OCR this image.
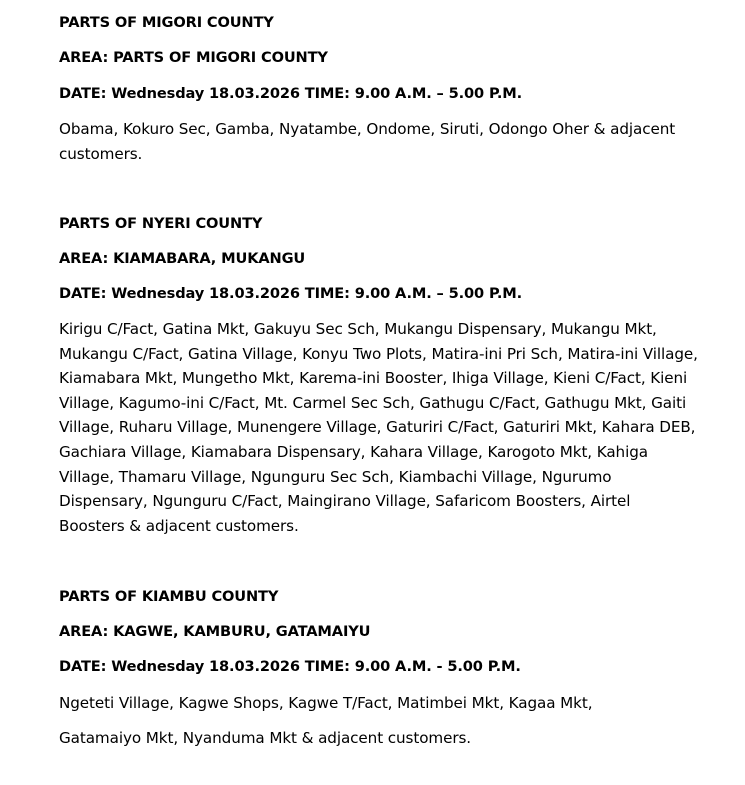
PARTS OF MIGORI COUNTY

AREA: PARTS OF MIGORI COUNTY

DATE: Wednesday 18.03.2026 TIME: 9.00 A.M. – 5.00 P.M.

Obama, Kokuro Sec, Gamba, Nyatambe, Ondome, Siruti, Odongo Oher & adjacent customers.

PARTS OF NYERI COUNTY

AREA: KIAMABARA, MUKANGU

DATE: Wednesday 18.03.2026 TIME: 9.00 A.M. – 5.00 P.M.

Kirigu C/Fact, Gatina Mkt, Gakuyu Sec Sch, Mukangu Dispensary, Mukangu Mkt, Mukangu C/Fact, Gatina Village, Konyu Two Plots, Matira-ini Pri Sch, Matira-ini Village, Kiamabara Mkt, Mungetho Mkt, Karema-ini Booster, Ihiga Village, Kieni C/Fact, Kieni Village, Kagumo-ini C/Fact, Mt. Carmel Sec Sch, Gathugu C/Fact, Gathugu Mkt, Gaiti Village, Ruharu Village, Munengere Village, Gaturiri C/Fact, Gaturiri Mkt, Kahara DEB, Gachiara Village, Kiamabara Dispensary, Kahara Village, Karogoto Mkt, Kahiga Village, Thamaru Village, Ngunguru Sec Sch, Kiambachi Village, Ngurumo Dispensary, Ngunguru C/Fact, Maingirano Village, Safaricom Boosters, Airtel Boosters & adjacent customers.

PARTS OF KIAMBU COUNTY

AREA: KAGWE, KAMBURU, GATAMAIYU

DATE: Wednesday 18.03.2026 TIME: 9.00 A.M. - 5.00 P.M.

Ngeteti Village, Kagwe Shops, Kagwe T/Fact, Matimbei Mkt, Kagaa Mkt,

Gatamaiyo Mkt, Nyanduma Mkt & adjacent customers.
